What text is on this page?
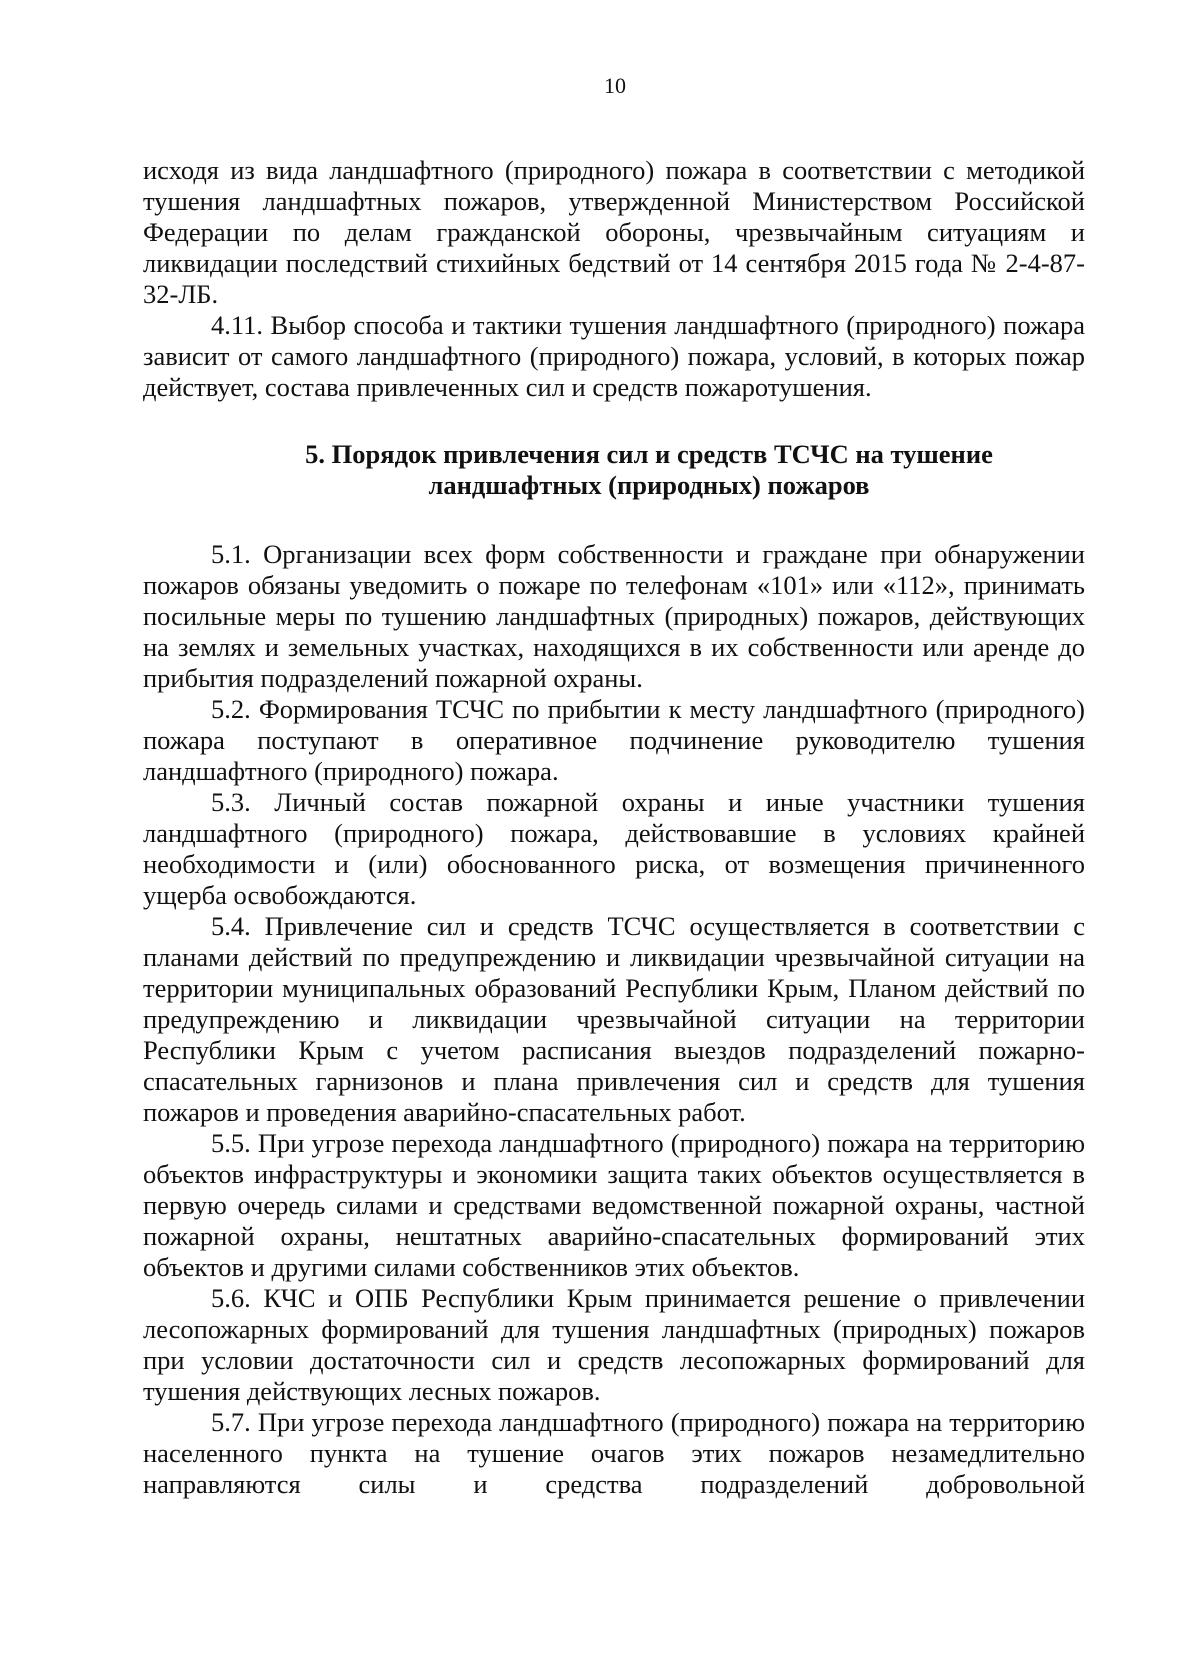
10

исходя из вида ландшафтного (природного) пожара в соответствии с методикой тушения ландшафтных пожаров, утвержденной Министерством Российской Федерации по делам гражданской обороны, чрезвычайным ситуациям и ликвидации последствий стихийных бедствий от 14 сентября 2015 года № 2-4-87-32-ЛБ.

4.11. Выбор способа и тактики тушения ландшафтного (природного) пожара зависит от самого ландшафтного (природного) пожара, условий, в которых пожар действует, состава привлеченных сил и средств пожаротушения.

5. Порядок привлечения сил и средств ТСЧС на тушение
ландшафтных (природных) пожаров

5.1. Организации всех форм собственности и граждане при обнаружении пожаров обязаны уведомить о пожаре по телефонам «101» или «112», принимать посильные меры по тушению ландшафтных (природных) пожаров, действующих на землях и земельных участках, находящихся в их собственности или аренде до прибытия подразделений пожарной охраны.

5.2. Формирования ТСЧС по прибытии к месту ландшафтного (природного) пожара поступают в оперативное подчинение руководителю тушения ландшафтного (природного) пожара.

5.3. Личный состав пожарной охраны и иные участники тушения ландшафтного (природного) пожара, действовавшие в условиях крайней необходимости и (или) обоснованного риска, от возмещения причиненного ущерба освобождаются.

5.4. Привлечение сил и средств ТСЧС осуществляется в соответствии с планами действий по предупреждению и ликвидации чрезвычайной ситуации на территории муниципальных образований Республики Крым, Планом действий по предупреждению и ликвидации чрезвычайной ситуации на территории Республики Крым с учетом расписания выездов подразделений пожарно-спасательных гарнизонов и плана привлечения сил и средств для тушения пожаров и проведения аварийно-спасательных работ.

5.5. При угрозе перехода ландшафтного (природного) пожара на территорию объектов инфраструктуры и экономики защита таких объектов осуществляется в первую очередь силами и средствами ведомственной пожарной охраны, частной пожарной охраны, нештатных аварийно-спасательных формирований этих объектов и другими силами собственников этих объектов.

5.6. КЧС и ОПБ Республики Крым принимается решение о привлечении лесопожарных формирований для тушения ландшафтных (природных) пожаров при условии достаточности сил и средств лесопожарных формирований для тушения действующих лесных пожаров.

5.7. При угрозе перехода ландшафтного (природного) пожара на территорию населенного пункта на тушение очагов этих пожаров незамедлительно направляются силы и средства подразделений добровольной
